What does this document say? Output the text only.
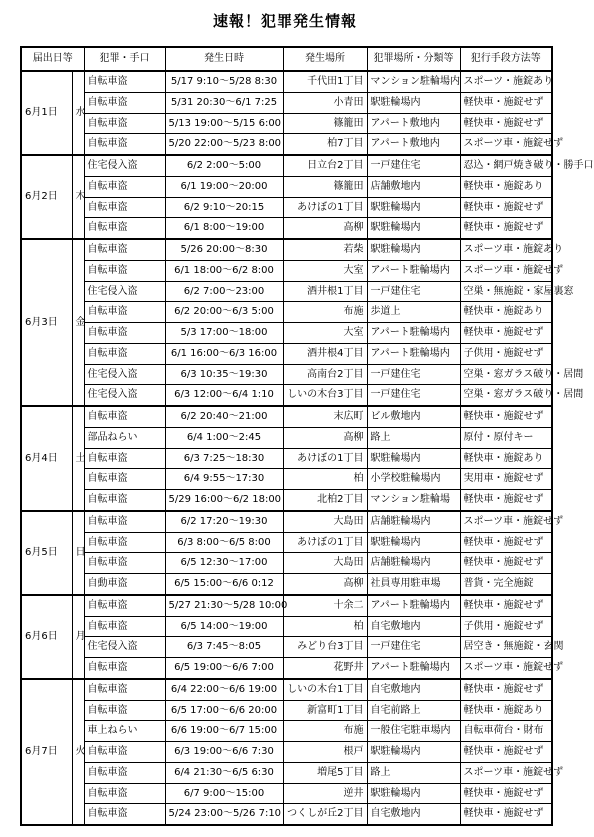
速報！犯罪発生情報
届出日等		犯罪・手口	発生日時	発生場所	犯罪場所・分類等	犯行手段方法等
6月1日	水	自転車盗	5/17 9:10～5/28 8:30	千代田1丁目	マンション駐輪場内	スポーツ・施錠あり
		自転車盗	5/31 20:30～6/1 7:25	小青田	駅駐輪場内	軽快車・施錠せず
		自転車盗	5/13 19:00～5/15 6:00	篠籠田	アパート敷地内	軽快車・施錠せず
		自転車盗	5/20 22:00～5/23 8:00	柏7丁目	アパート敷地内	スポーツ車・施錠せず
6月2日	木	住宅侵入盗	6/2 2:00～5:00	日立台2丁目	一戸建住宅	忍込・網戸焼き破り・勝手口
		自転車盗	6/1 19:00～20:00	篠籠田	店舗敷地内	軽快車・施錠あり
		自転車盗	6/2 9:10～20:15	あけぼの1丁目	駅駐輪場内	軽快車・施錠せず
		自転車盗	6/1 8:00～19:00	高柳	駅駐輪場内	軽快車・施錠せず
6月3日	金	自転車盗	5/26 20:00～8:30	若柴	駅駐輪場内	スポーツ車・施錠あり
		自転車盗	6/1 18:00～6/2 8:00	大室	アパート駐輪場内	スポーツ車・施錠せず
		住宅侵入盗	6/2 7:00～23:00	酒井根1丁目	一戸建住宅	空巣・無施錠・家屋裏窓
		自転車盗	6/2 20:00～6/3 5:00	布施	歩道上	軽快車・施錠あり
		自転車盗	5/3 17:00～18:00	大室	アパート駐輪場内	軽快車・施錠せず
		自転車盗	6/1 16:00～6/3 16:00	酒井根4丁目	アパート駐輪場内	子供用・施錠せず
		住宅侵入盗	6/3 10:35～19:30	高南台2丁目	一戸建住宅	空巣・窓ガラス破り・居間
		住宅侵入盗	6/3 12:00～6/4 1:10	しいの木台3丁目	一戸建住宅	空巣・窓ガラス破り・居間
6月4日	土	自転車盗	6/2 20:40～21:00	末広町	ビル敷地内	軽快車・施錠せず
		部品ねらい	6/4 1:00～2:45	高柳	路上	原付・原付キー
		自転車盗	6/3 7:25～18:30	あけぼの1丁目	駅駐輪場内	軽快車・施錠あり
		自転車盗	6/4 9:55～17:30	柏	小学校駐輪場内	実用車・施錠せず
		自転車盗	5/29 16:00～6/2 18:00	北柏2丁目	マンション駐輪場	軽快車・施錠せず
6月5日	日	自転車盗	6/2 17:20～19:30	大島田	店舗駐輪場内	スポーツ車・施錠せず
		自転車盗	6/3 8:00～6/5 8:00	あけぼの1丁目	駅駐輪場内	軽快車・施錠せず
		自転車盗	6/5 12:30～17:00	大島田	店舗駐輪場内	軽快車・施錠せず
		自動車盗	6/5 15:00～6/6 0:12	高柳	社員専用駐車場	普貨・完全施錠
6月6日	月	自転車盗	5/27 21:30～5/28 10:00	十余二	アパート駐輪場内	軽快車・施錠せず
		自転車盗	6/5 14:00～19:00	柏	自宅敷地内	子供用・施錠せず
		住宅侵入盗	6/3 7:45～8:05	みどり台3丁目	一戸建住宅	居空き・無施錠・玄関
		自転車盗	6/5 19:00～6/6 7:00	花野井	アパート駐輪場内	スポーツ車・施錠せず
6月7日	火	自転車盗	6/4 22:00～6/6 19:00	しいの木台1丁目	自宅敷地内	軽快車・施錠せず
		自転車盗	6/5 17:00～6/6 20:00	新富町1丁目	自宅前路上	軽快車・施錠あり
		車上ねらい	6/6 19:00～6/7 15:00	布施	一般住宅駐車場内	自転車荷台・財布
		自転車盗	6/3 19:00～6/6 7:30	根戸	駅駐輪場内	軽快車・施錠せず
		自転車盗	6/4 21:30～6/5 6:30	増尾5丁目	路上	スポーツ車・施錠せず
		自転車盗	6/7 9:00～15:00	逆井	駅駐輪場内	軽快車・施錠せず
		自転車盗	5/24 23:00～5/26 7:10	つくしが丘2丁目	自宅敷地内	軽快車・施錠せず
